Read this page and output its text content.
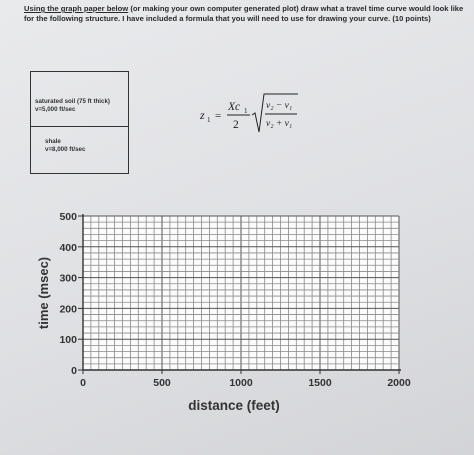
Using the graph paper below (or making your own computer generated plot) draw what a travel time curve would look like for the following structure. I have included a formula that you will need to use for drawing your curve. (10 points)
saturated soil (75 ft thick)
v=5,000 ft/sec
shale
v=8,000 ft/sec
z 1 =
Xc 1
2
v₂ − v₁
v₂ + v₁
0	500	1000	1500	2000
0
100
200
300
400
500
distance (feet)
time (msec)
